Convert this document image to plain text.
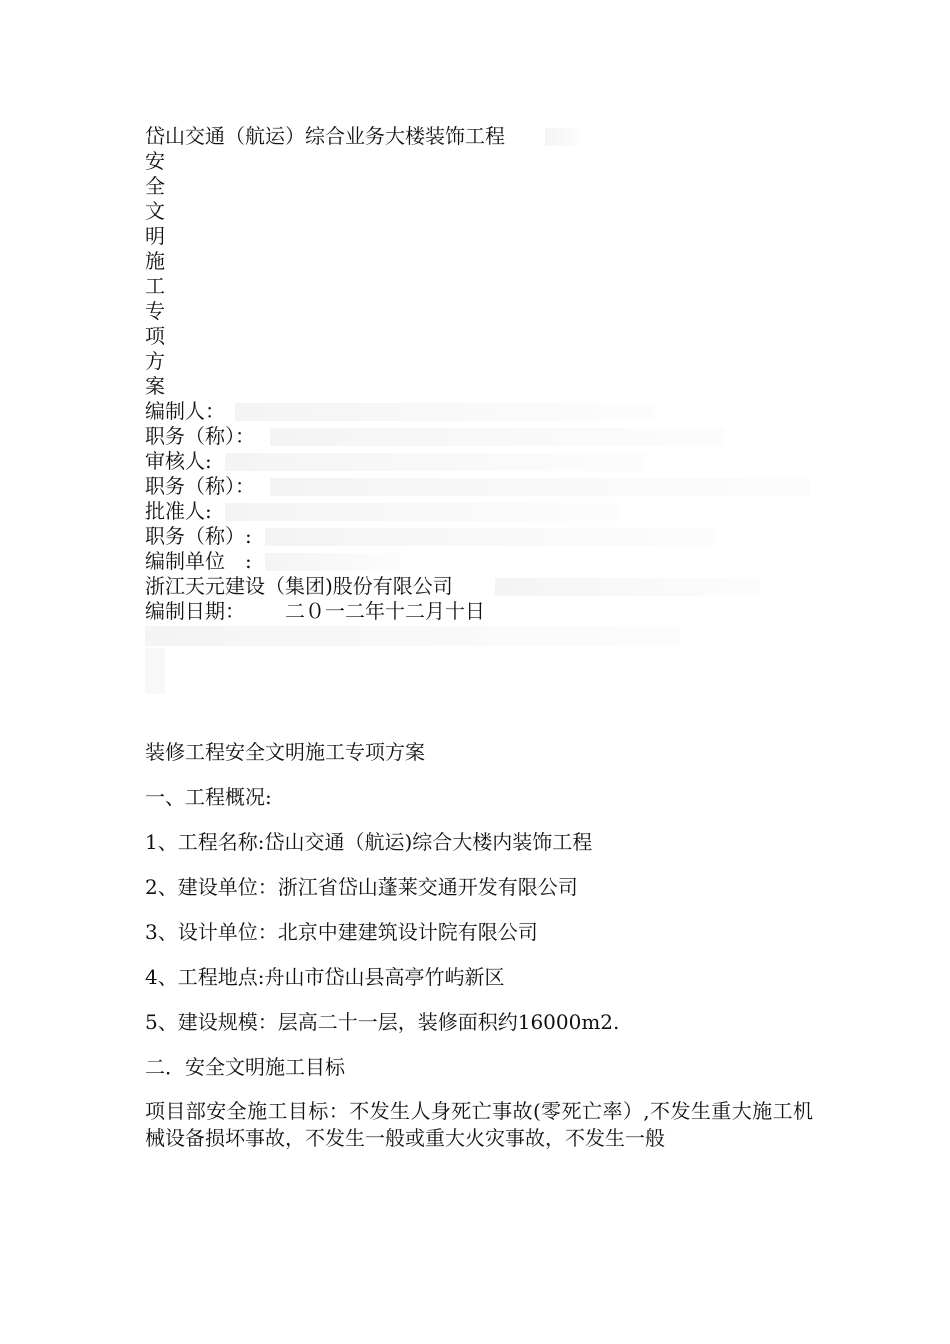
岱山交通（航运）综合业务大楼装饰工程
安
全
文
明
施
工
专
项
方
案
编制人：
职务（称）：
审核人:
职务（称）：
批准人:
职务（称）:
编制单位　:
浙江天元建设（集团)股份有限公司
编制日期： 二０一二年十二月十日

装修工程安全文明施工专项方案

一、工程概况:

1、工程名称:岱山交通（航运)综合大楼内装饰工程

2、建设单位：浙江省岱山蓬莱交通开发有限公司

3、设计单位：北京中建建筑设计院有限公司

4、工程地点:舟山市岱山县高亭竹屿新区

5、建设规模：层高二十一层，装修面积约16000m2.

二．安全文明施工目标

项目部安全施工目标：不发生人身死亡事故(零死亡率）,不发生重大施工机械设备损坏事故，不发生一般或重大火灾事故，不发生一般
